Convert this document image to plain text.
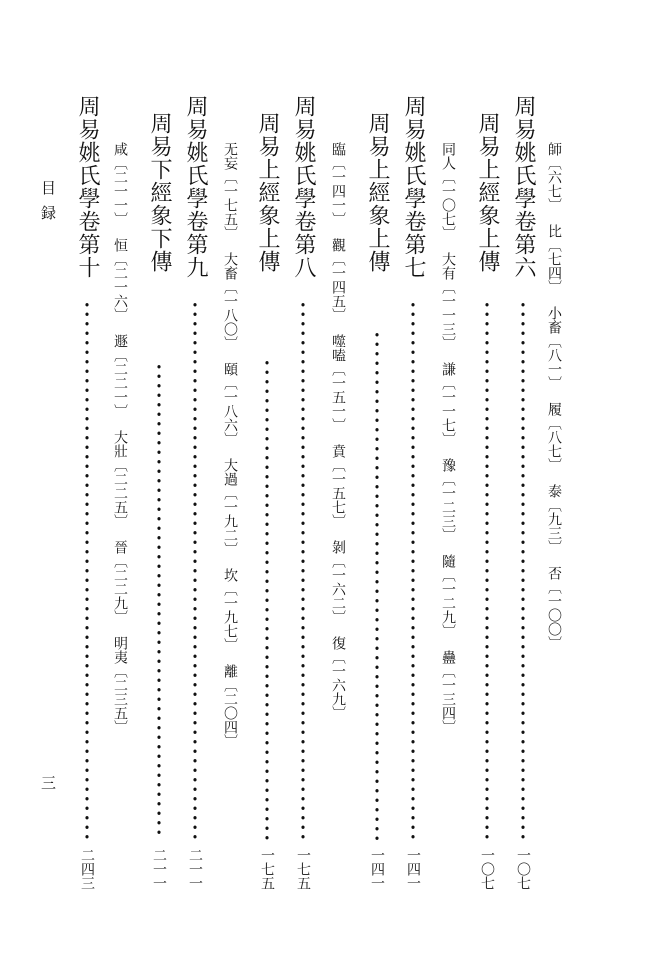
師〔六七〕比〔七四〕小畜〔八一〕履〔八七〕泰〔九三〕否〔一〇〇〕
周易姚氏學卷第六
一〇七
周易上經象上傳
一〇七
同人〔一〇七〕大有〔一一三〕謙〔一一七〕豫〔一二三〕隨〔一二九〕蠱〔一三四〕
周易姚氏學卷第七
一四一
周易上經象上傳
一四一
臨〔一四一〕觀〔一四五〕噬嗑〔一五一〕賁〔一五七〕剝〔一六二〕復〔一六九〕
周易姚氏學卷第八
一七五
周易上經象上傳
一七五
无妄〔一七五〕大畜〔一八〇〕頤〔一八六〕大過〔一九二〕坎〔一九七〕離〔二〇四〕
周易姚氏學卷第九
二一一
周易下經象下傳
二一一
咸〔二一一〕恒〔二一六〕遯〔二二一〕大壯〔二二五〕晉〔二二九〕明夷〔二三五〕
周易姚氏學卷第十
二四三
目録
三
